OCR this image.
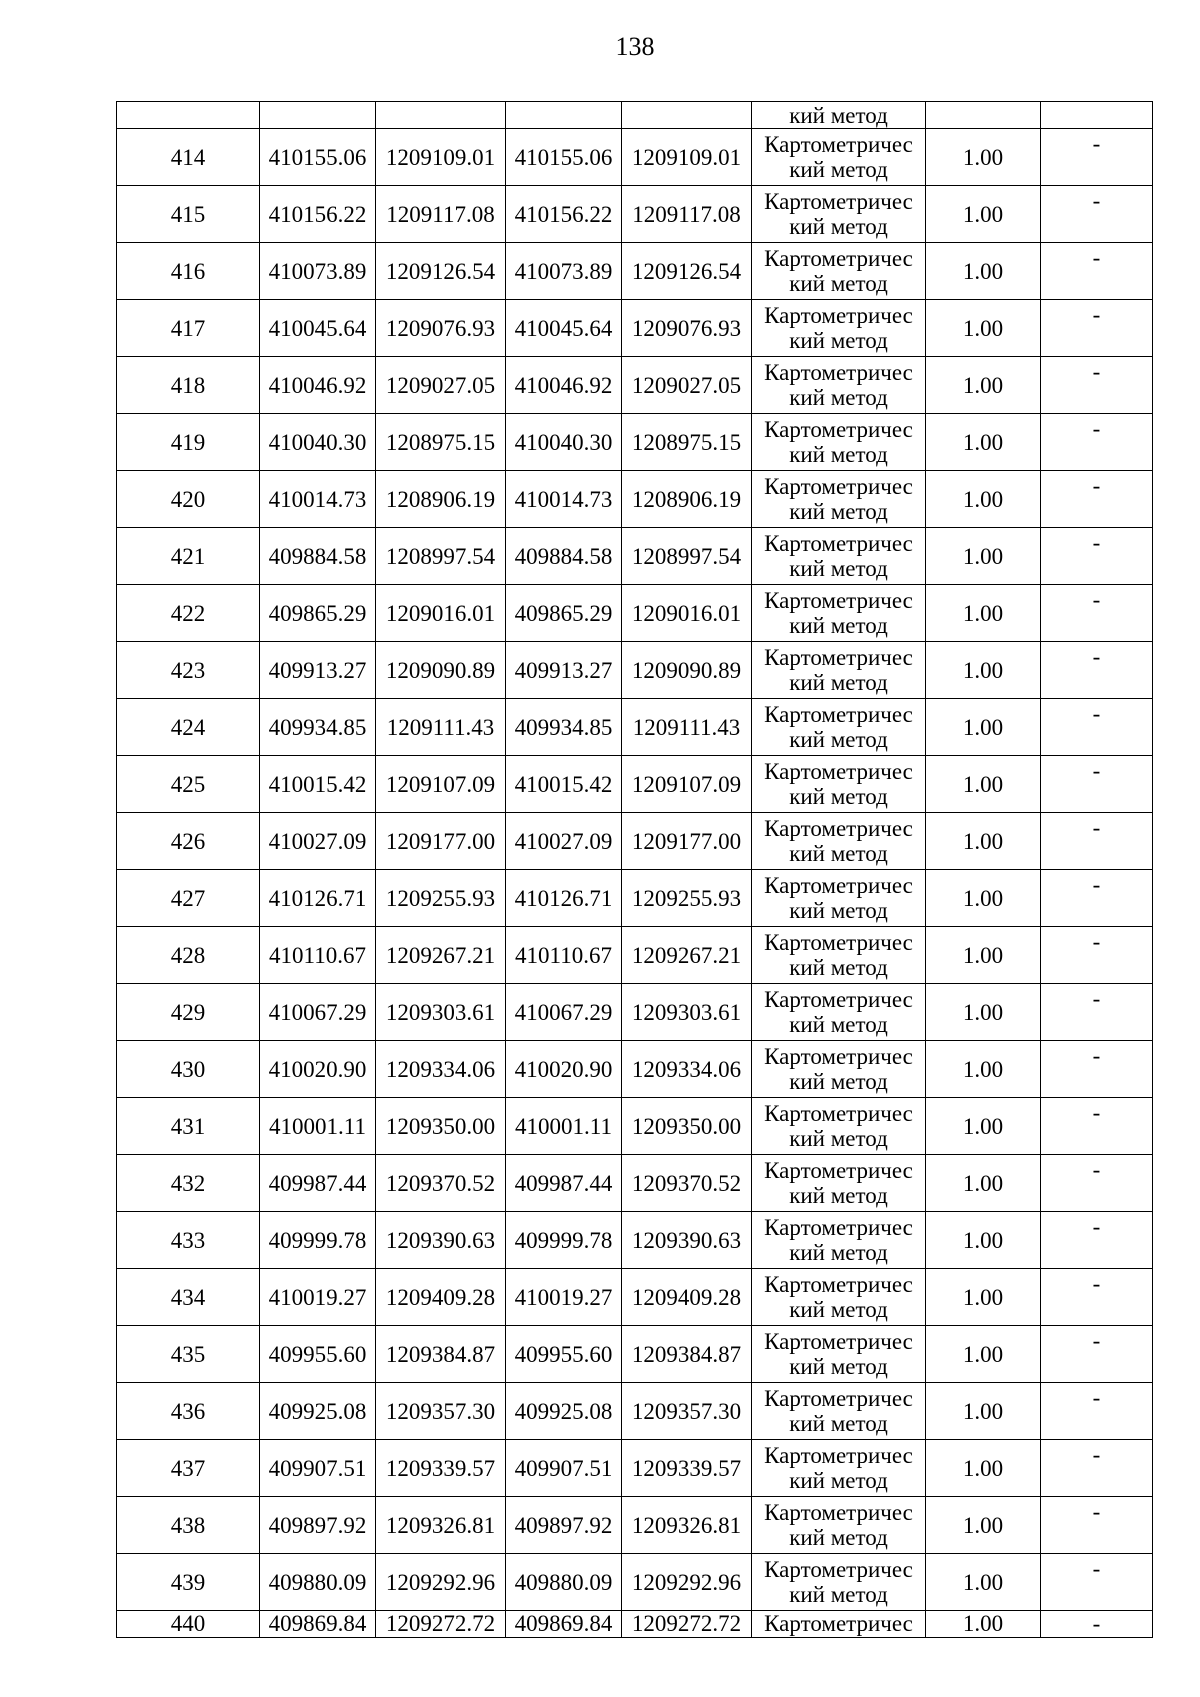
138

					кий метод		

414	410155.06	1209109.01	410155.06	1209109.01	Картометричес
кий метод	1.00	-
415	410156.22	1209117.08	410156.22	1209117.08	Картометричес
кий метод	1.00	-
416	410073.89	1209126.54	410073.89	1209126.54	Картометричес
кий метод	1.00	-
417	410045.64	1209076.93	410045.64	1209076.93	Картометричес
кий метод	1.00	-
418	410046.92	1209027.05	410046.92	1209027.05	Картометричес
кий метод	1.00	-
419	410040.30	1208975.15	410040.30	1208975.15	Картометричес
кий метод	1.00	-
420	410014.73	1208906.19	410014.73	1208906.19	Картометричес
кий метод	1.00	-
421	409884.58	1208997.54	409884.58	1208997.54	Картометричес
кий метод	1.00	-
422	409865.29	1209016.01	409865.29	1209016.01	Картометричес
кий метод	1.00	-
423	409913.27	1209090.89	409913.27	1209090.89	Картометричес
кий метод	1.00	-
424	409934.85	1209111.43	409934.85	1209111.43	Картометричес
кий метод	1.00	-
425	410015.42	1209107.09	410015.42	1209107.09	Картометричес
кий метод	1.00	-
426	410027.09	1209177.00	410027.09	1209177.00	Картометричес
кий метод	1.00	-
427	410126.71	1209255.93	410126.71	1209255.93	Картометричес
кий метод	1.00	-
428	410110.67	1209267.21	410110.67	1209267.21	Картометричес
кий метод	1.00	-
429	410067.29	1209303.61	410067.29	1209303.61	Картометричес
кий метод	1.00	-
430	410020.90	1209334.06	410020.90	1209334.06	Картометричес
кий метод	1.00	-
431	410001.11	1209350.00	410001.11	1209350.00	Картометричес
кий метод	1.00	-
432	409987.44	1209370.52	409987.44	1209370.52	Картометричес
кий метод	1.00	-
433	409999.78	1209390.63	409999.78	1209390.63	Картометричес
кий метод	1.00	-
434	410019.27	1209409.28	410019.27	1209409.28	Картометричес
кий метод	1.00	-
435	409955.60	1209384.87	409955.60	1209384.87	Картометричес
кий метод	1.00	-
436	409925.08	1209357.30	409925.08	1209357.30	Картометричес
кий метод	1.00	-
437	409907.51	1209339.57	409907.51	1209339.57	Картометричес
кий метод	1.00	-
438	409897.92	1209326.81	409897.92	1209326.81	Картометричес
кий метод	1.00	-
439	409880.09	1209292.96	409880.09	1209292.96	Картометричес
кий метод	1.00	-
440	409869.84	1209272.72	409869.84	1209272.72	Картометричес	1.00	-
